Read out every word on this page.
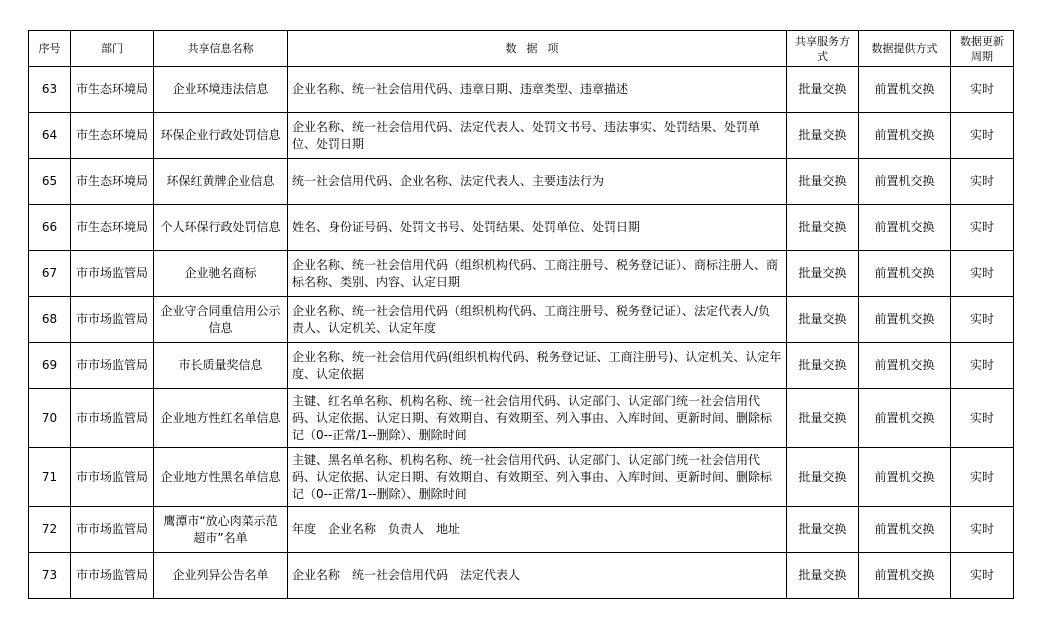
序号	部门	共享信息名称	数据项	共享服务方式	数据提供方式	数据更新周期
63	市生态环境局	企业环境违法信息	企业名称、统一社会信用代码、违章日期、违章类型、违章描述	批量交换	前置机交换	实时
64	市生态环境局	环保企业行政处罚信息	企业名称、统一社会信用代码、法定代表人、处罚文书号、违法事实、处罚结果、处罚单位、处罚日期	批量交换	前置机交换	实时
65	市生态环境局	环保红黄牌企业信息	统一社会信用代码、企业名称、法定代表人、主要违法行为	批量交换	前置机交换	实时
66	市生态环境局	个人环保行政处罚信息	姓名、身份证号码、处罚文书号、处罚结果、处罚单位、处罚日期	批量交换	前置机交换	实时
67	市市场监管局	企业驰名商标	企业名称、统一社会信用代码（组织机构代码、工商注册号、税务登记证）、商标注册人、商标名称、类别、内容、认定日期	批量交换	前置机交换	实时
68	市市场监管局	企业守合同重信用公示信息	企业名称、统一社会信用代码（组织机构代码、工商注册号、税务登记证）、法定代表人/负责人、认定机关、认定年度	批量交换	前置机交换	实时
69	市市场监管局	市长质量奖信息	企业名称、统一社会信用代码(组织机构代码、税务登记证、工商注册号)、认定机关、认定年度、认定依据	批量交换	前置机交换	实时
70	市市场监管局	企业地方性红名单信息	主键、红名单名称、机构名称、统一社会信用代码、认定部门、认定部门统一社会信用代码、认定依据、认定日期、有效期自、有效期至、列入事由、入库时间、更新时间、删除标记（0--正常/1--删除）、删除时间	批量交换	前置机交换	实时
71	市市场监管局	企业地方性黑名单信息	主键、黑名单名称、机构名称、统一社会信用代码、认定部门、认定部门统一社会信用代码、认定依据、认定日期、有效期自、有效期至、列入事由、入库时间、更新时间、删除标记（0--正常/1--删除）、删除时间	批量交换	前置机交换	实时
72	市市场监管局	鹰潭市“放心肉菜示范超市”名单	年度　企业名称　负责人　地址	批量交换	前置机交换	实时
73	市市场监管局	企业列异公告名单	企业名称　统一社会信用代码　法定代表人	批量交换	前置机交换	实时
